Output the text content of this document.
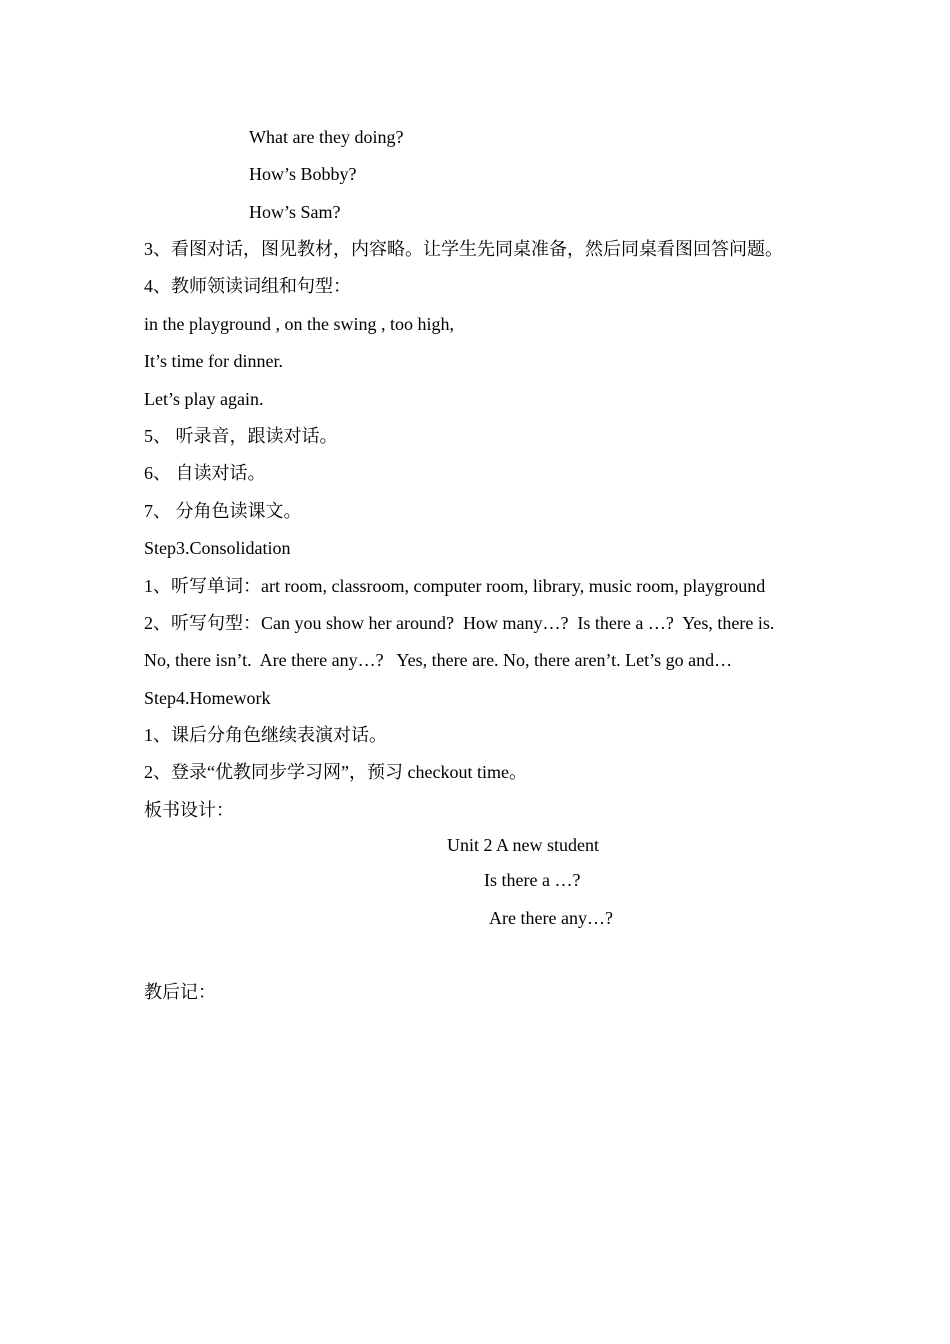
What are they doing?
How’s Bobby?
How’s Sam?
3、看图对话，图见教材，内容略。让学生先同桌准备，然后同桌看图回答问题。
4、教师领读词组和句型：
in the playground , on the swing , too high,
It’s time for dinner.
Let’s play again.
5、 听录音，跟读对话。
6、 自读对话。
7、 分角色读课文。
Step3.Consolidation
1、听写单词：art room, classroom, computer room, library, music room, playground
2、听写句型：Can you show her around?  How many…?  Is there a …?  Yes, there is.
No, there isn’t.  Are there any…?   Yes, there are. No, there aren’t. Let’s go and…
Step4.Homework
1、课后分角色继续表演对话。
2、登录“优教同步学习网”，预习 checkout time。
板书设计：
Unit 2 A new student
Is there a …?
Are there any…?
教后记：
